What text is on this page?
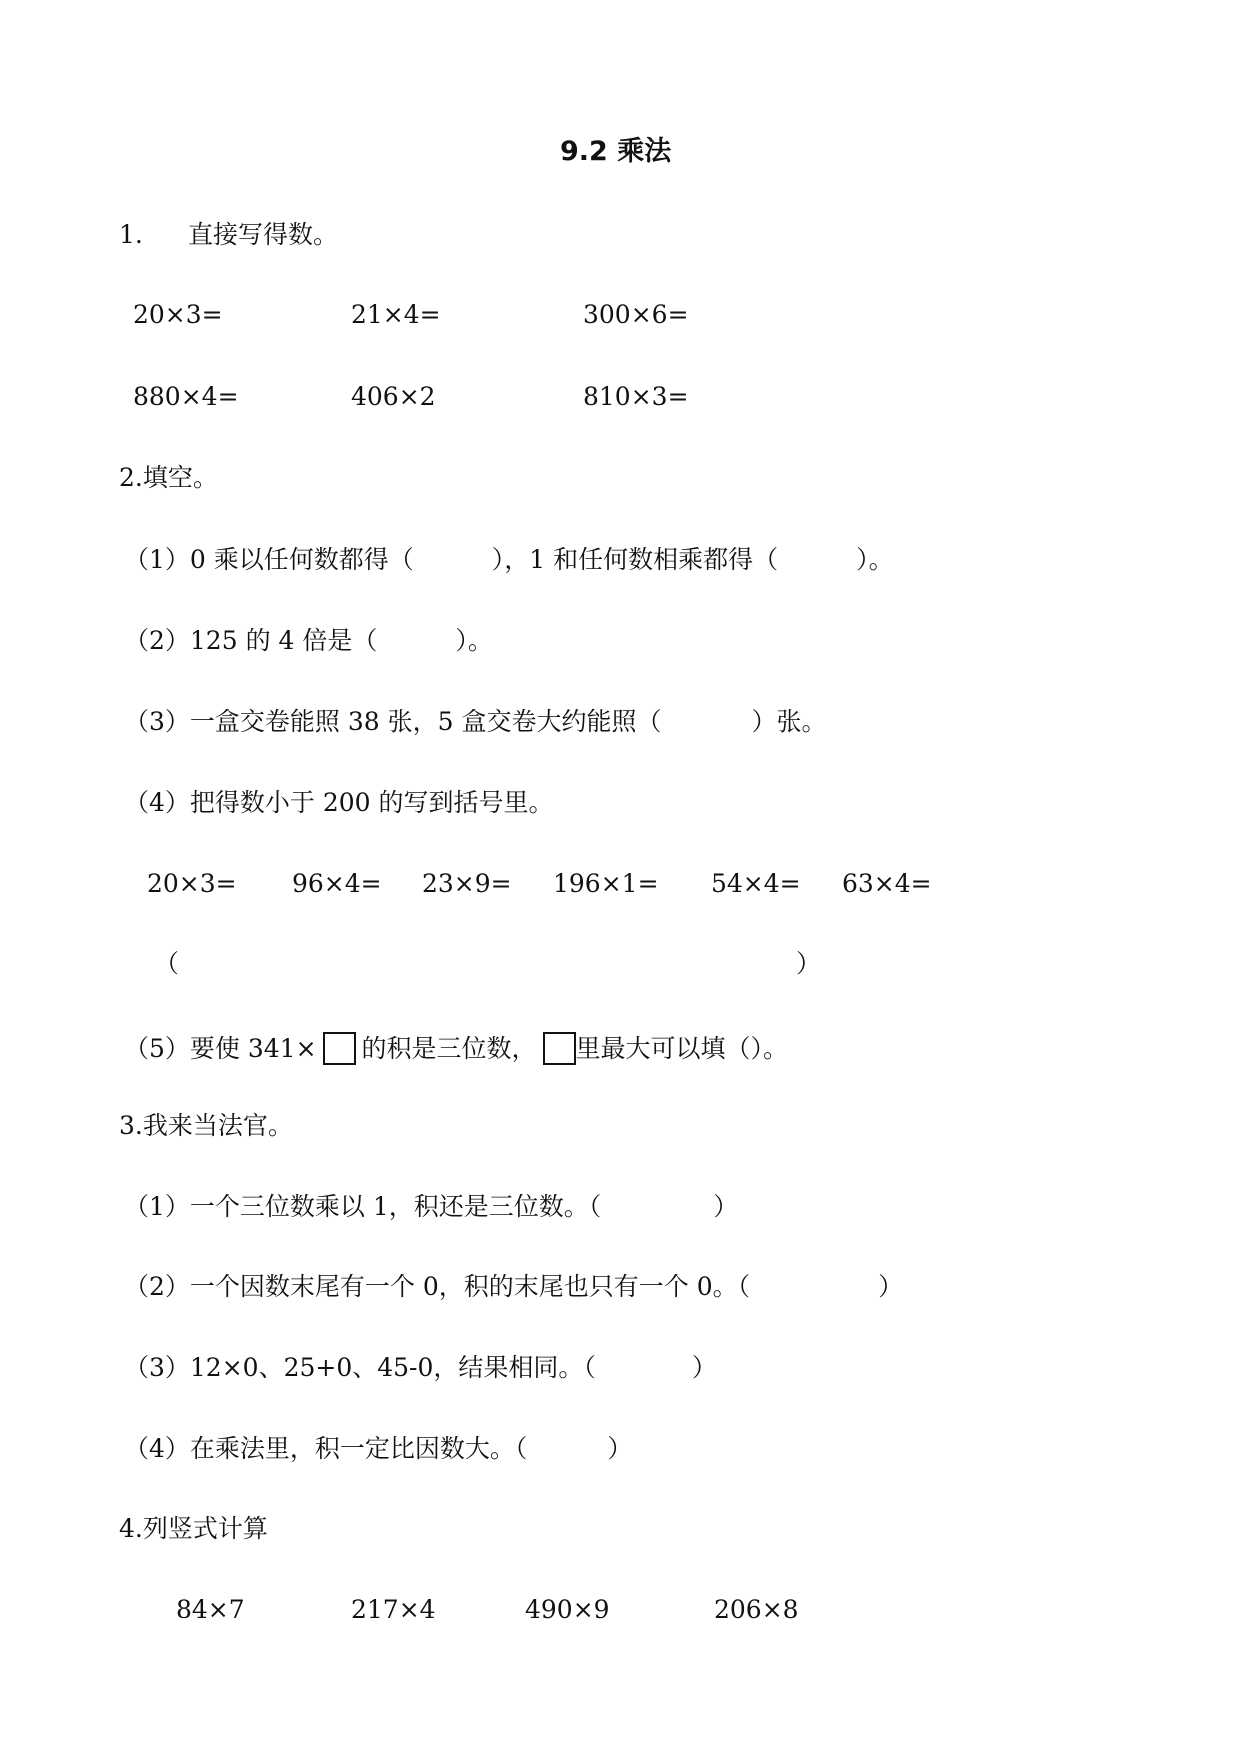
9.2 乘法
1. 直接写得数。
20×3=	21×4=	300×6=
880×4=	406×2	810×3=
2.填空。
（1）0 乘以任何数都得（	），1 和任何数相乘都得（	）。
（2）125 的 4 倍是（	）。
（3）一盒交卷能照 38 张，5 盒交卷大约能照（	）张。
（4）把得数小于 200 的写到括号里。
20×3= 96×4= 23×9= 196×1= 54×4= 63×4=
（	）
（5）要使 341× 的积是三位数， 里最大可以填（）。
3.我来当法官。
（1）一个三位数乘以 1，积还是三位数。（	）
（2）一个因数末尾有一个 0，积的末尾也只有一个 0。（	）
（3）12×0、25+0、45-0，结果相同。（	）
（4）在乘法里，积一定比因数大。（	）
4.列竖式计算
84×7	217×4	490×9	206×8
